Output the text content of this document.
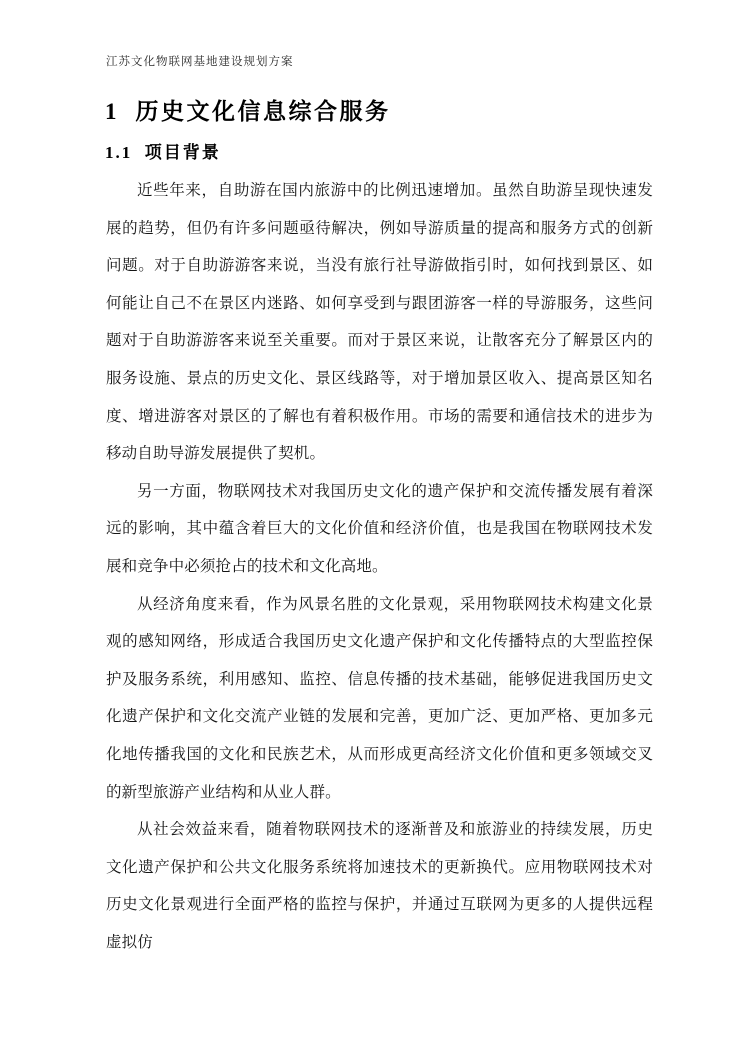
江苏文化物联网基地建设规划方案
1  历史文化信息综合服务
1.1  项目背景

近些年来，自助游在国内旅游中的比例迅速增加。虽然自助游呈现快速发展的趋势，但仍有许多问题亟待解决，例如导游质量的提高和服务方式的创新问题。对于自助游游客来说，当没有旅行社导游做指引时，如何找到景区、如何能让自己不在景区内迷路、如何享受到与跟团游客一样的导游服务，这些问题对于自助游游客来说至关重要。而对于景区来说，让散客充分了解景区内的服务设施、景点的历史文化、景区线路等，对于增加景区收入、提高景区知名度、增进游客对景区的了解也有着积极作用。市场的需要和通信技术的进步为移动自助导游发展提供了契机。

另一方面，物联网技术对我国历史文化的遗产保护和交流传播发展有着深远的影响，其中蕴含着巨大的文化价值和经济价值，也是我国在物联网技术发展和竞争中必须抢占的技术和文化高地。

从经济角度来看，作为风景名胜的文化景观，采用物联网技术构建文化景观的感知网络，形成适合我国历史文化遗产保护和文化传播特点的大型监控保护及服务系统，利用感知、监控、信息传播的技术基础，能够促进我国历史文化遗产保护和文化交流产业链的发展和完善，更加广泛、更加严格、更加多元化地传播我国的文化和民族艺术，从而形成更高经济文化价值和更多领域交叉的新型旅游产业结构和从业人群。

从社会效益来看，随着物联网技术的逐渐普及和旅游业的持续发展，历史文化遗产保护和公共文化服务系统将加速技术的更新换代。应用物联网技术对历史文化景观进行全面严格的监控与保护，并通过互联网为更多的人提供远程虚拟仿
